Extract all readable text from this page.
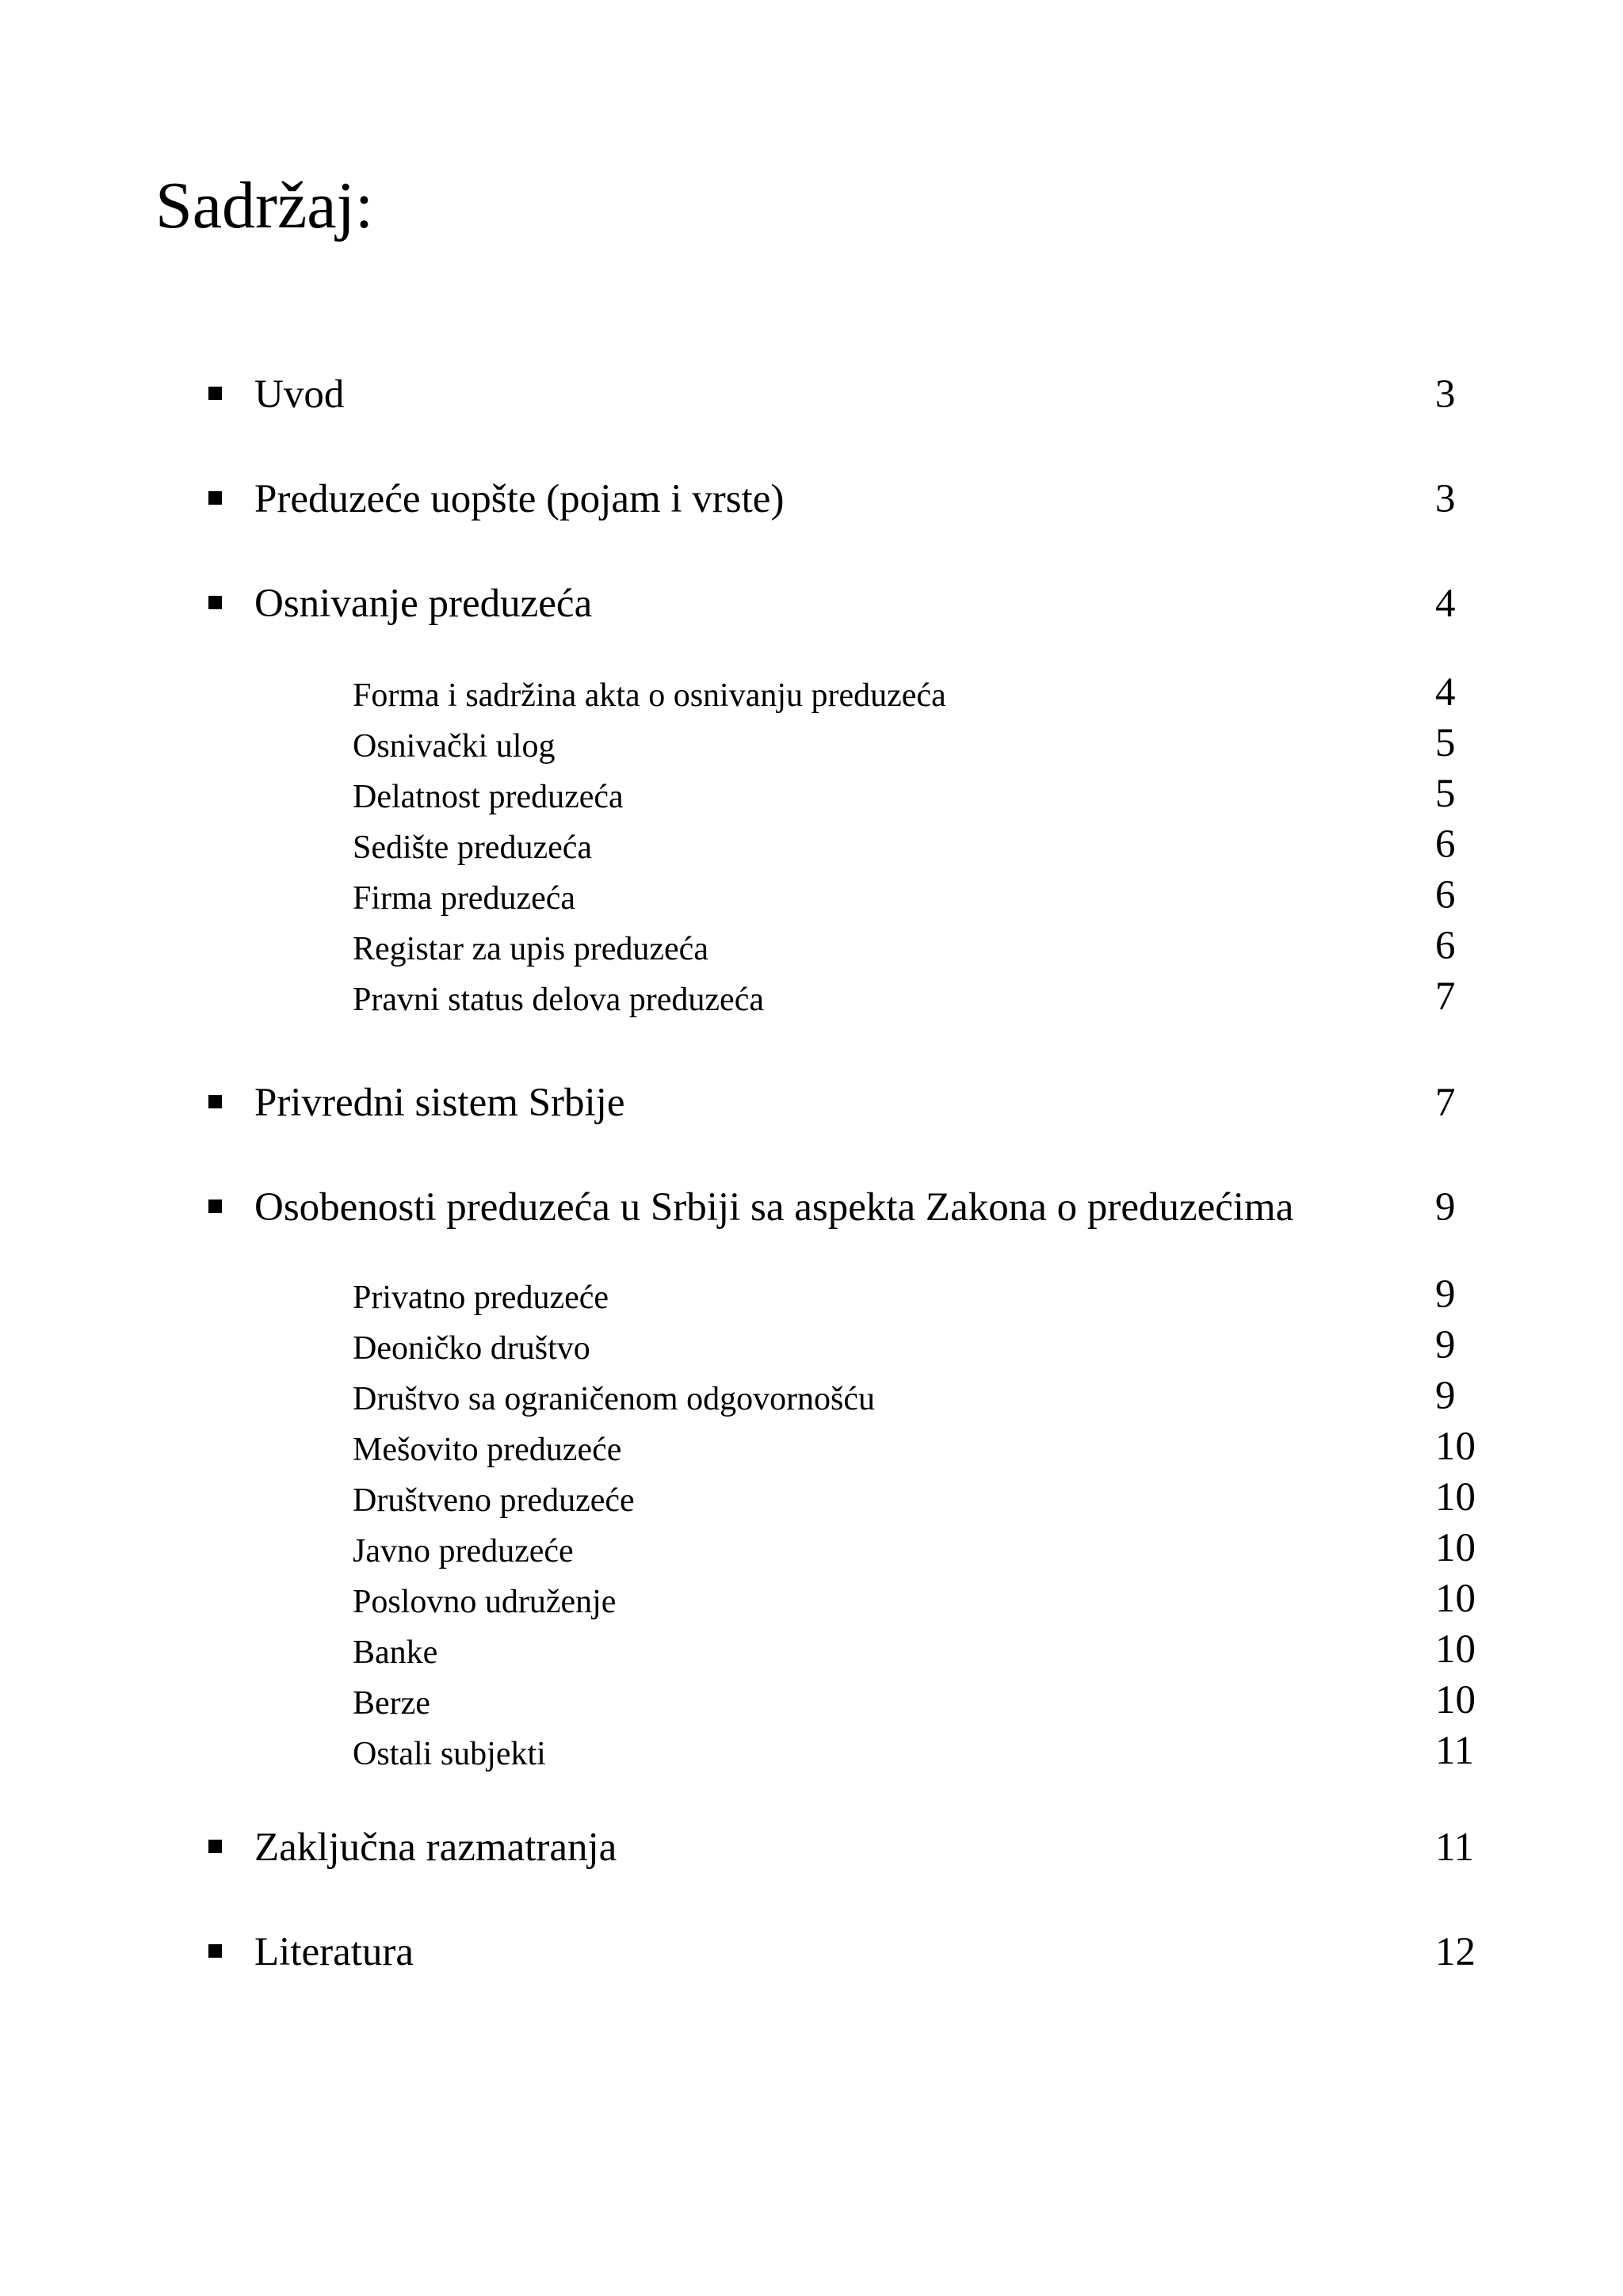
Sadržaj:
Uvod	3
Preduzeće uopšte (pojam i vrste)	3
Osnivanje preduzeća	4
Forma i sadržina akta o osnivanju preduzeća	4
Osnivački ulog	5
Delatnost preduzeća	5
Sedište preduzeća	6
Firma preduzeća	6
Registar za upis preduzeća	6
Pravni status delova preduzeća	7
Privredni sistem Srbije	7
Osobenosti preduzeća u Srbiji sa aspekta Zakona o preduzećima	9
Privatno preduzeće	9
Deoničko društvo	9
Društvo sa ograničenom odgovornošću	9
Mešovito preduzeće	10
Društveno preduzeće	10
Javno preduzeće	10
Poslovno udruženje	10
Banke	10
Berze	10
Ostali subjekti	11
Zaključna razmatranja	11
Literatura	12
